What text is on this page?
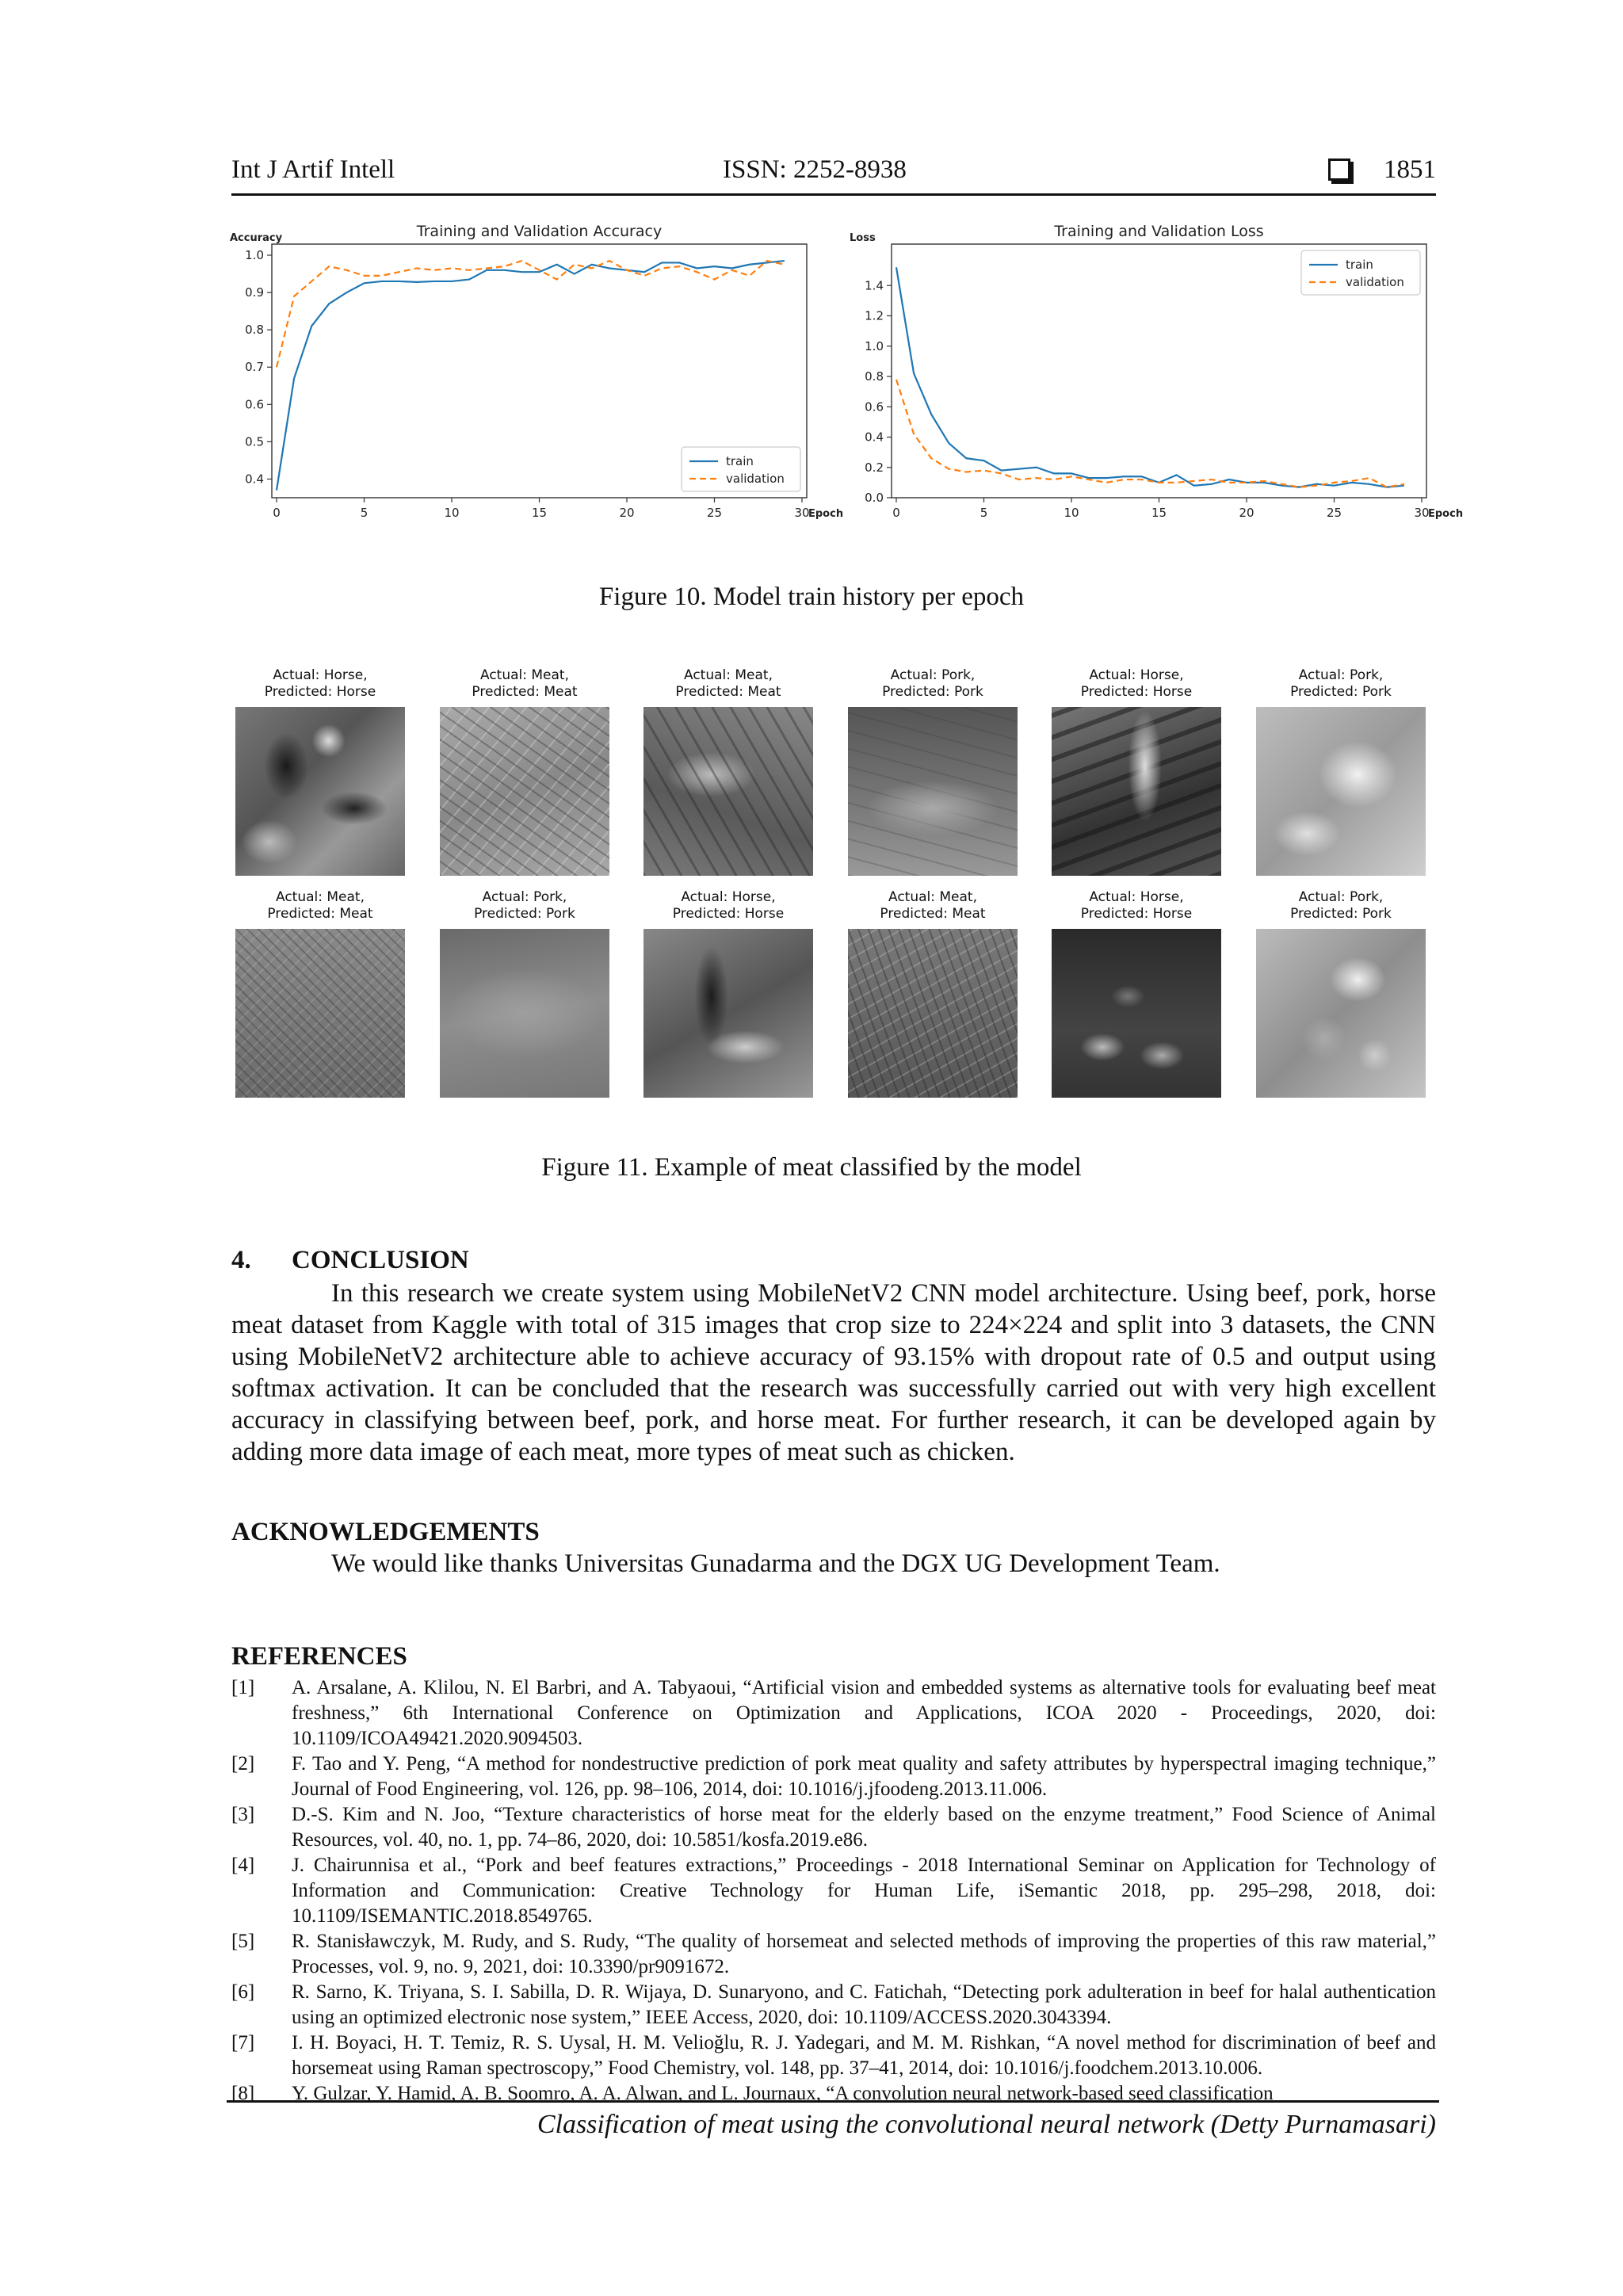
Int J Artif Intell	ISSN: 2252-8938	1851
Training and Validation Accuracy
Accuracy
0	5	10	15	20	25	30
Epoch
0.4
0.5
0.6
0.7
0.8
0.9
1.0
train
validation
Training and Validation Loss
Loss
0	5	10	15	20	25	30
Epoch
0.0
0.2
0.4
0.6
0.8
1.0
1.2
1.4
train
validation
Figure 10. Model train history per epoch
Actual: Horse,
Predicted: Horse
Actual: Meat,
Predicted: Meat
Actual: Meat,
Predicted: Meat
Actual: Pork,
Predicted: Pork
Actual: Horse,
Predicted: Horse
Actual: Pork,
Predicted: Pork
Actual: Meat,
Predicted: Meat
Actual: Pork,
Predicted: Pork
Actual: Horse,
Predicted: Horse
Actual: Meat,
Predicted: Meat
Actual: Horse,
Predicted: Horse
Actual: Pork,
Predicted: Pork
Figure 11. Example of meat classified by the model
4. CONCLUSION

In this research we create system using MobileNetV2 CNN model architecture. Using beef, pork, horse meat dataset from Kaggle with total of 315 images that crop size to 224×224 and split into 3 datasets, the CNN using MobileNetV2 architecture able to achieve accuracy of 93.15% with dropout rate of 0.5 and output using softmax activation. It can be concluded that the research was successfully carried out with very high excellent accuracy in classifying between beef, pork, and horse meat. For further research, it can be developed again by adding more data image of each meat, more types of meat such as chicken.

ACKNOWLEDGEMENTS
We would like thanks Universitas Gunadarma and the DGX UG Development Team.
REFERENCES
[1] A. Arsalane, A. Klilou, N. El Barbri, and A. Tabyaoui, “Artificial vision and embedded systems as alternative tools for evaluating beef meat freshness,” 6th International Conference on Optimization and Applications, ICOA 2020 - Proceedings, 2020, doi: 10.1109/ICOA49421.2020.9094503.
[2] F. Tao and Y. Peng, “A method for nondestructive prediction of pork meat quality and safety attributes by hyperspectral imaging technique,” Journal of Food Engineering, vol. 126, pp. 98–106, 2014, doi: 10.1016/j.jfoodeng.2013.11.006.
[3] D.-S. Kim and N. Joo, “Texture characteristics of horse meat for the elderly based on the enzyme treatment,” Food Science of Animal Resources, vol. 40, no. 1, pp. 74–86, 2020, doi: 10.5851/kosfa.2019.e86.
[4] J. Chairunnisa et al., “Pork and beef features extractions,” Proceedings - 2018 International Seminar on Application for Technology of Information and Communication: Creative Technology for Human Life, iSemantic 2018, pp. 295–298, 2018, doi: 10.1109/ISEMANTIC.2018.8549765.
[5] R. Stanisławczyk, M. Rudy, and S. Rudy, “The quality of horsemeat and selected methods of improving the properties of this raw material,” Processes, vol. 9, no. 9, 2021, doi: 10.3390/pr9091672.
[6] R. Sarno, K. Triyana, S. I. Sabilla, D. R. Wijaya, D. Sunaryono, and C. Fatichah, “Detecting pork adulteration in beef for halal authentication using an optimized electronic nose system,” IEEE Access, 2020, doi: 10.1109/ACCESS.2020.3043394.
[7] I. H. Boyaci, H. T. Temiz, R. S. Uysal, H. M. Velioğlu, R. J. Yadegari, and M. M. Rishkan, “A novel method for discrimination of beef and horsemeat using Raman spectroscopy,” Food Chemistry, vol. 148, pp. 37–41, 2014, doi: 10.1016/j.foodchem.2013.10.006.
[8] Y. Gulzar, Y. Hamid, A. B. Soomro, A. A. Alwan, and L. Journaux, “A convolution neural network-based seed classification
Classification of meat using the convolutional neural network (Detty Purnamasari)
